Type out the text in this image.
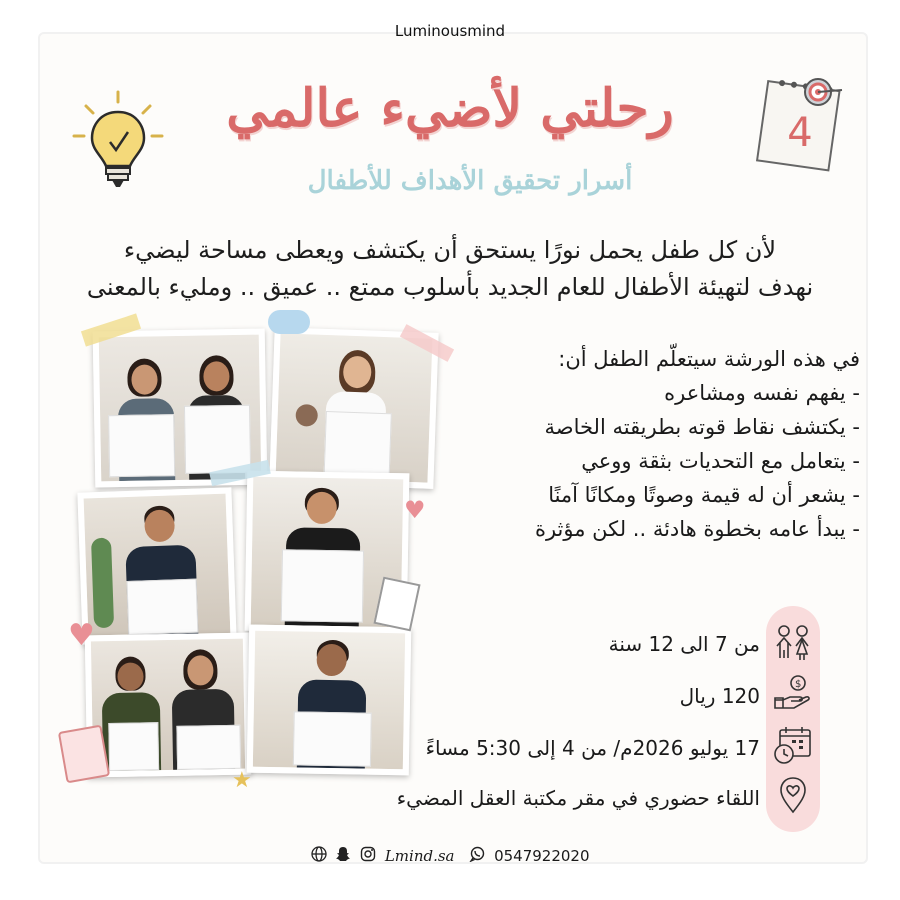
Luminousmind
رحلتي لأضيء عالمي
أسرار تحقيق الأهداف للأطفال
4
لأن كل طفل يحمل نورًا يستحق أن يكتشف ويعطى مساحة ليضيء
نهدف لتهيئة الأطفال للعام الجديد بأسلوب ممتع .. عميق .. ومليء بالمعنى
♥
♥
★
في هذه الورشة سيتعلّم الطفل أن:
- يفهم نفسه ومشاعره
- يكتشف نقاط قوته بطريقته الخاصة
- يتعامل مع التحديات بثقة ووعي
- يشعر أن له قيمة وصوتًا ومكانًا آمنًا
- يبدأ عامه بخطوة هادئة .. لكن مؤثرة
$
من 7 الى 12 سنة
120 ريال
17 يوليو 2026م/ من 4 إلى 5:30 مساءً
اللقاء حضوري في مقر مكتبة العقل المضيء
Lmind.sa	0547922020
